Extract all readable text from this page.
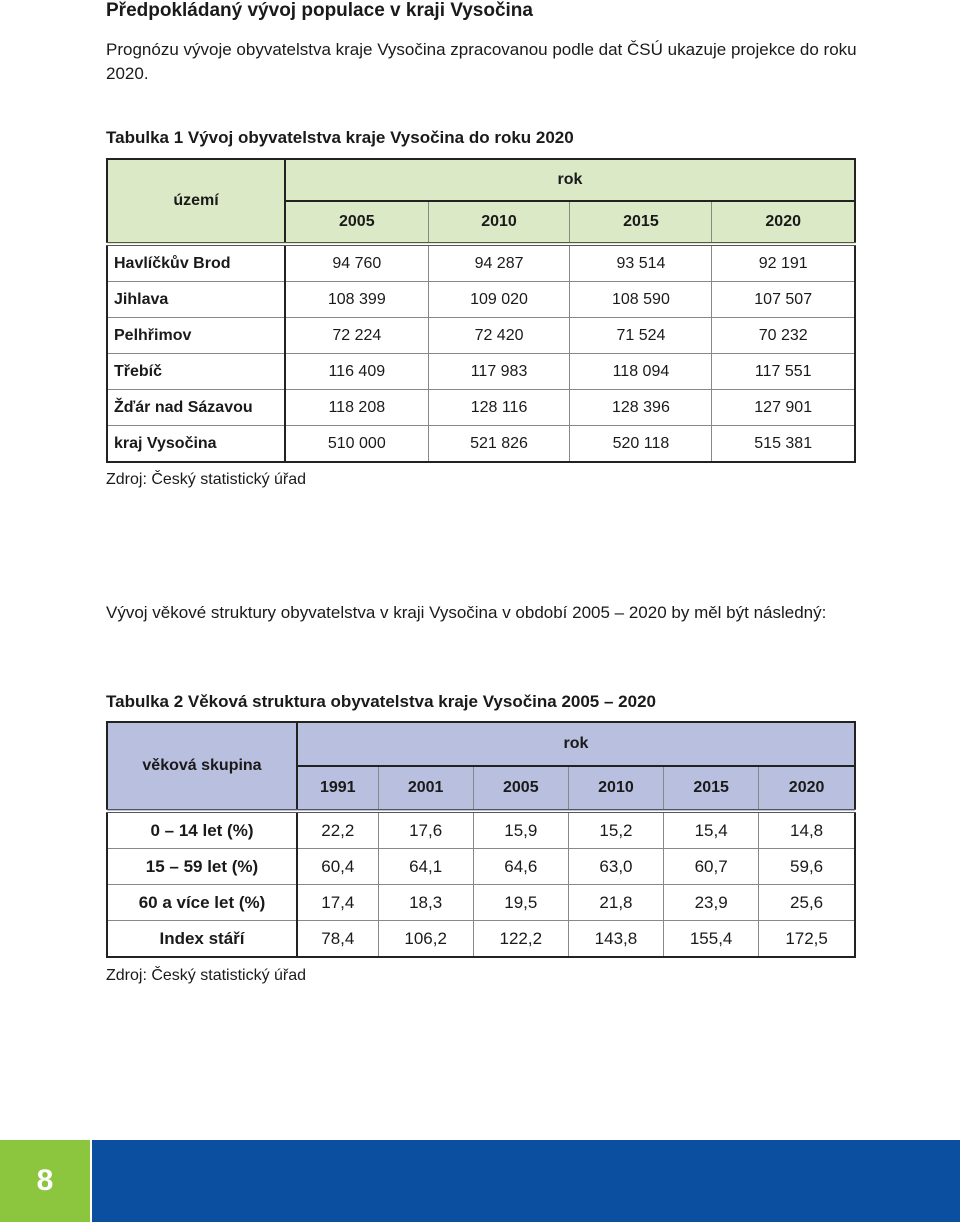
Předpokládaný vývoj populace v kraji Vysočina

Prognózu vývoje obyvatelstva kraje Vysočina zpracovanou podle dat ČSÚ ukazuje projekce do roku 2020.

Tabulka 1 Vývoj obyvatelstva kraje Vysočina do roku 2020

území	rok			
	2005	2010	2015	2020
Havlíčkův Brod	94 760	94 287	93 514	92 191
Jihlava	108 399	109 020	108 590	107 507
Pelhřimov	72 224	72 420	71 524	70 232
Třebíč	116 409	117 983	118 094	117 551
Žďár nad Sázavou	118 208	128 116	128 396	127 901
kraj Vysočina	510 000	521 826	520 118	515 381

Zdroj: Český statistický úřad

Vývoj věkové struktury obyvatelstva v kraji Vysočina v období 2005 – 2020 by měl být následný:

Tabulka 2 Věková struktura obyvatelstva kraje Vysočina 2005 – 2020

věková skupina	rok					
	1991	2001	2005	2010	2015	2020
0 – 14 let (%)	22,2	17,6	15,9	15,2	15,4	14,8
15 – 59 let (%)	60,4	64,1	64,6	63,0	60,7	59,6
60 a více let (%)	17,4	18,3	19,5	21,8	23,9	25,6
Index stáří	78,4	106,2	122,2	143,8	155,4	172,5

Zdroj: Český statistický úřad

8
